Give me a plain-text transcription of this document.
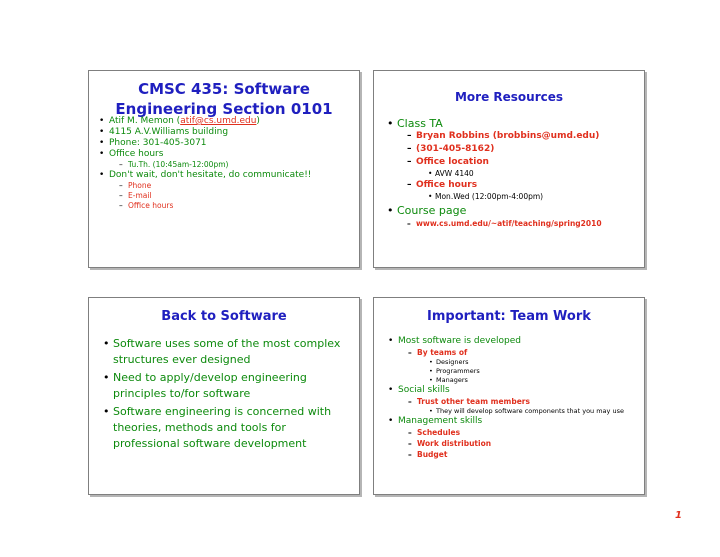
CMSC 435: Software
Engineering Section 0101
• Atif M. Memon (atif@cs.umd.edu)
• 4115 A.V.Williams building
• Phone: 301-405-3071
• Office hours
– Tu.Th. (10:45am-12:00pm)
• Don't wait, don't hesitate, do communicate!!
– Phone
– E-mail
– Office hours
More Resources
• Class TA
– Bryan Robbins (brobbins@umd.edu)
– (301-405-8162)
– Office location
• AVW 4140
– Office hours
• Mon.Wed (12:00pm-4:00pm)
• Course page
– www.cs.umd.edu/~atif/teaching/spring2010
Back to Software
• Software uses some of the most complex structures ever designed
• Need to apply/develop engineering principles to/for software
• Software engineering is concerned with theories, methods and tools for professional software development
Important: Team Work
• Most software is developed
– By teams of
• Designers
• Programmers
• Managers
• Social skills
– Trust other team members
• They will develop software components that you may use
• Management skills
– Schedules
– Work distribution
– Budget
1
